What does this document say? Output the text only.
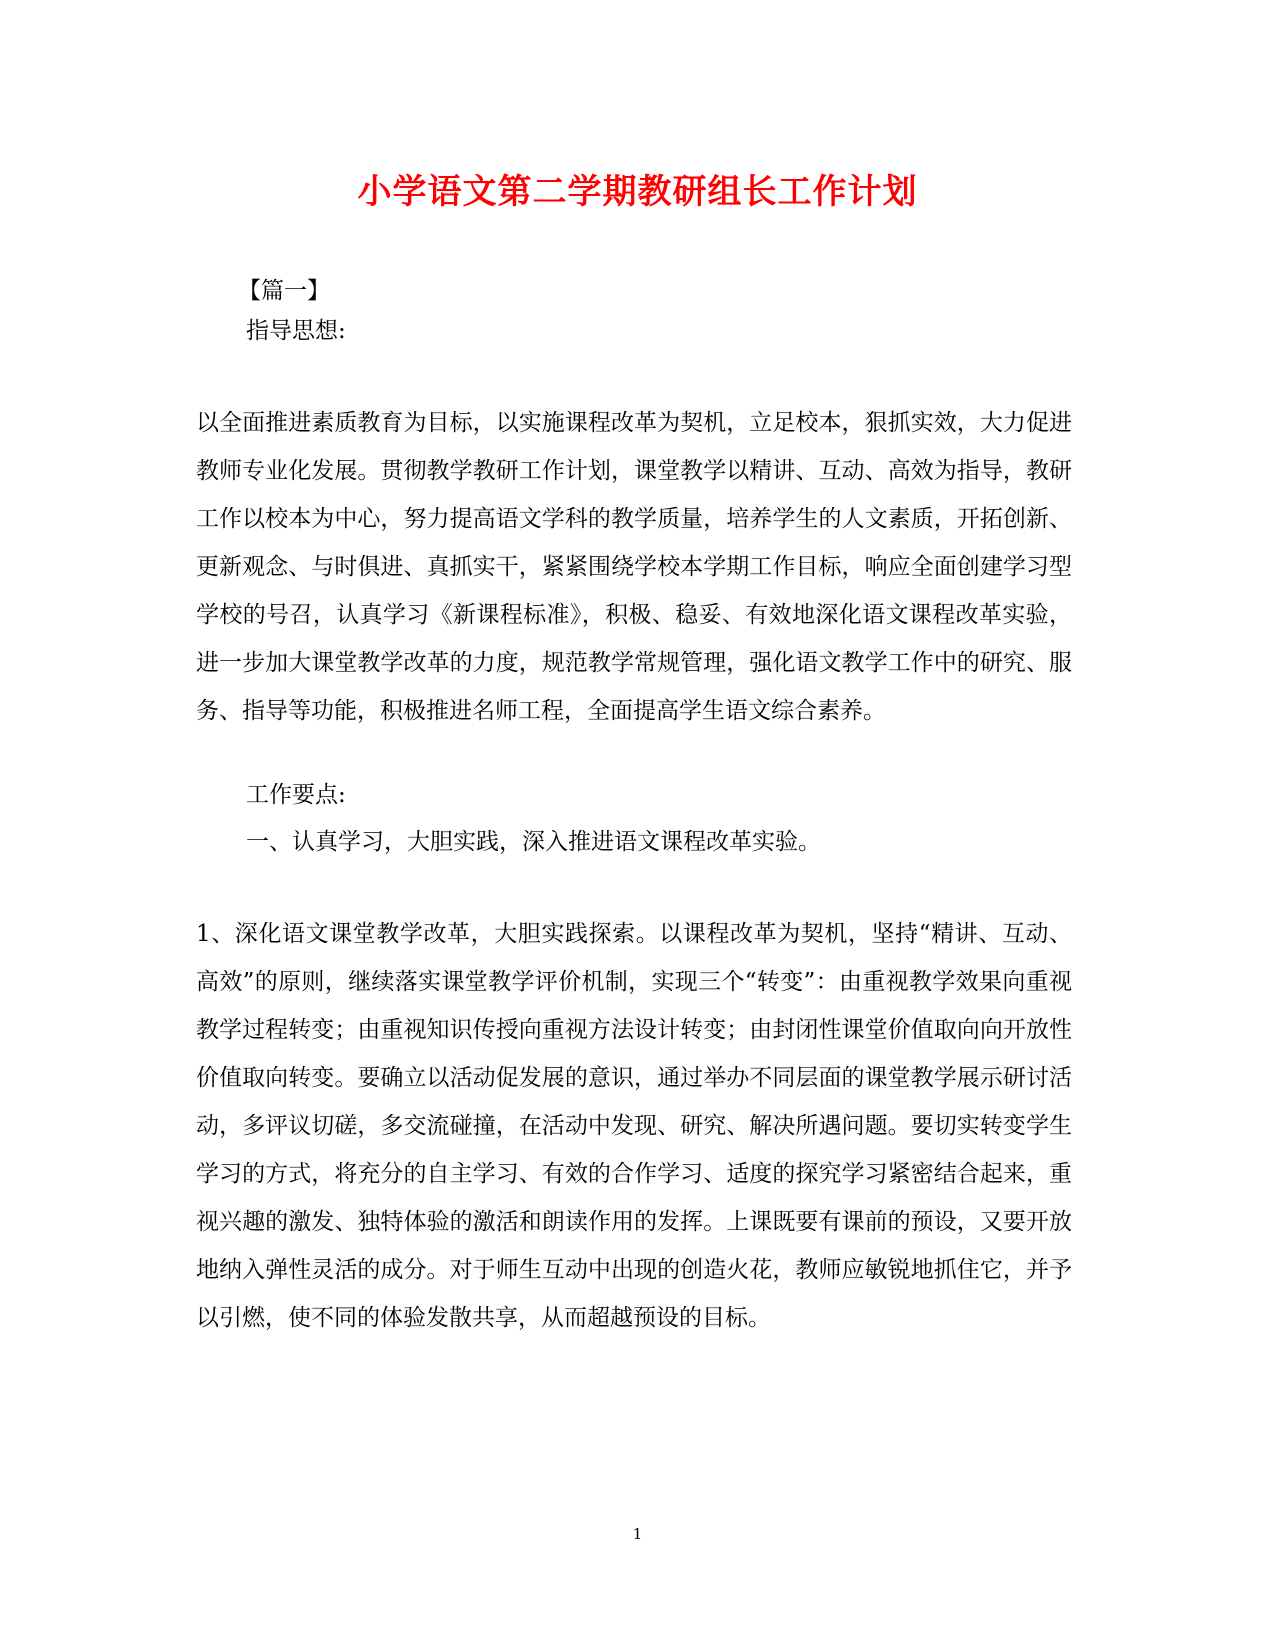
小学语文第二学期教研组长工作计划
【篇一】
指导思想:
以全面推进素质教育为目标，以实施课程改革为契机，立足校本，狠抓实效，大力促进教师专业化发展。贯彻教学教研工作计划，课堂教学以精讲、互动、高效为指导，教研工作以校本为中心，努力提高语文学科的教学质量，培养学生的人文素质，开拓创新、更新观念、与时俱进、真抓实干，紧紧围绕学校本学期工作目标，响应全面创建学习型学校的号召，认真学习《新课程标准》，积极、稳妥、有效地深化语文课程改革实验，进一步加大课堂教学改革的力度，规范教学常规管理，强化语文教学工作中的研究、服务、指导等功能，积极推进名师工程，全面提高学生语文综合素养。
工作要点:
一、认真学习，大胆实践，深入推进语文课程改革实验。
1、深化语文课堂教学改革，大胆实践探索。以课程改革为契机，坚持“精讲、互动、高效”的原则，继续落实课堂教学评价机制，实现三个“转变”：由重视教学效果向重视教学过程转变；由重视知识传授向重视方法设计转变；由封闭性课堂价值取向向开放性价值取向转变。要确立以活动促发展的意识，通过举办不同层面的课堂教学展示研讨活动，多评议切磋，多交流碰撞，在活动中发现、研究、解决所遇问题。要切实转变学生学习的方式，将充分的自主学习、有效的合作学习、适度的探究学习紧密结合起来，重视兴趣的激发、独特体验的激活和朗读作用的发挥。上课既要有课前的预设，又要开放地纳入弹性灵活的成分。对于师生互动中出现的创造火花，教师应敏锐地抓住它，并予以引燃，使不同的体验发散共享，从而超越预设的目标。
1
